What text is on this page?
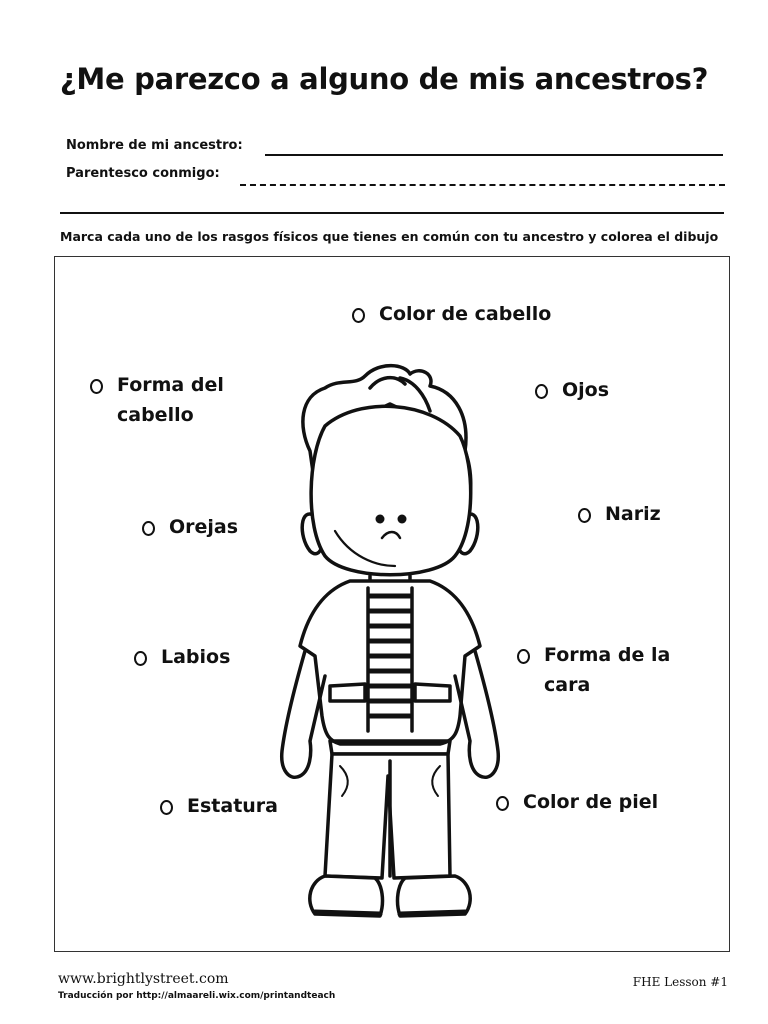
¿Me parezco a alguno de mis ancestros?
Nombre de mi ancestro:
Parentesco conmigo:
Marca cada uno de los rasgos físicos que tienes en común con tu ancestro y colorea el dibujo
Color de cabello
Forma del
cabello
Ojos
Nariz
Orejas
Labios	Forma de la
cara
Estatura	Color de piel
www.brightlystreet.com
Traducción por http://almaareli.wix.com/printandteach
FHE Lesson #1
